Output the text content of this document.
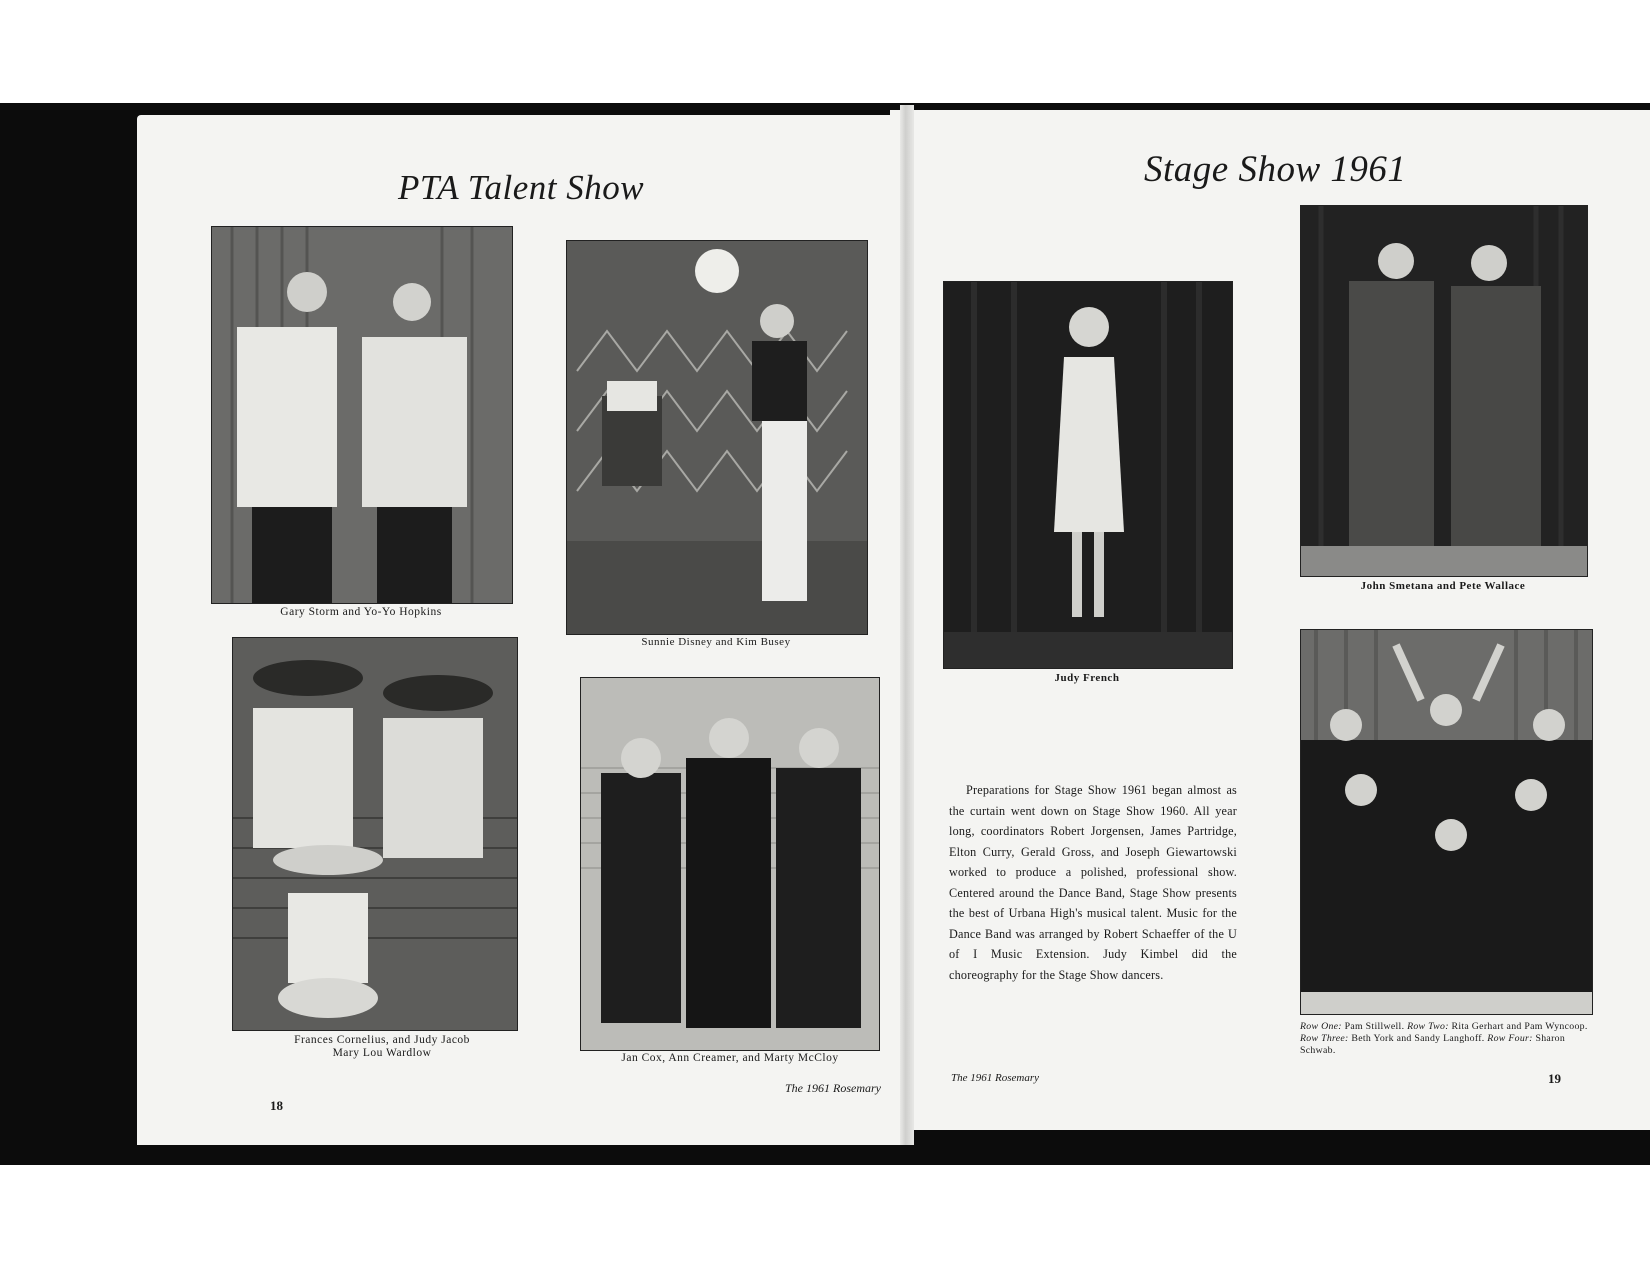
PTA Talent Show
Gary Storm and Yo-Yo Hopkins
Sunnie Disney and Kim Busey
Frances Cornelius, and Judy Jacob
Mary Lou Wardlow	Jan Cox, Ann Creamer, and Marty McCloy
The 1961 Rosemary
18
Stage Show 1961
Judy French
John Smetana and Pete Wallace
Row One: Pam Stillwell. Row Two: Rita Gerhart and Pam Wyncoop. Row Three: Beth York and Sandy Langhoff. Row Four: Sharon Schwab.

Preparations for Stage Show 1961 began almost as the curtain went down on Stage Show 1960. All year long, coordinators Robert Jorgensen, James Partridge, Elton Curry, Gerald Gross, and Joseph Giewartowski worked to produce a polished, professional show. Centered around the Dance Band, Stage Show presents the best of Urbana High's musical talent. Music for the Dance Band was arranged by Robert Schaeffer of the U of I Music Extension. Judy Kimbel did the choreography for the Stage Show dancers.

The 1961 Rosemary	19
